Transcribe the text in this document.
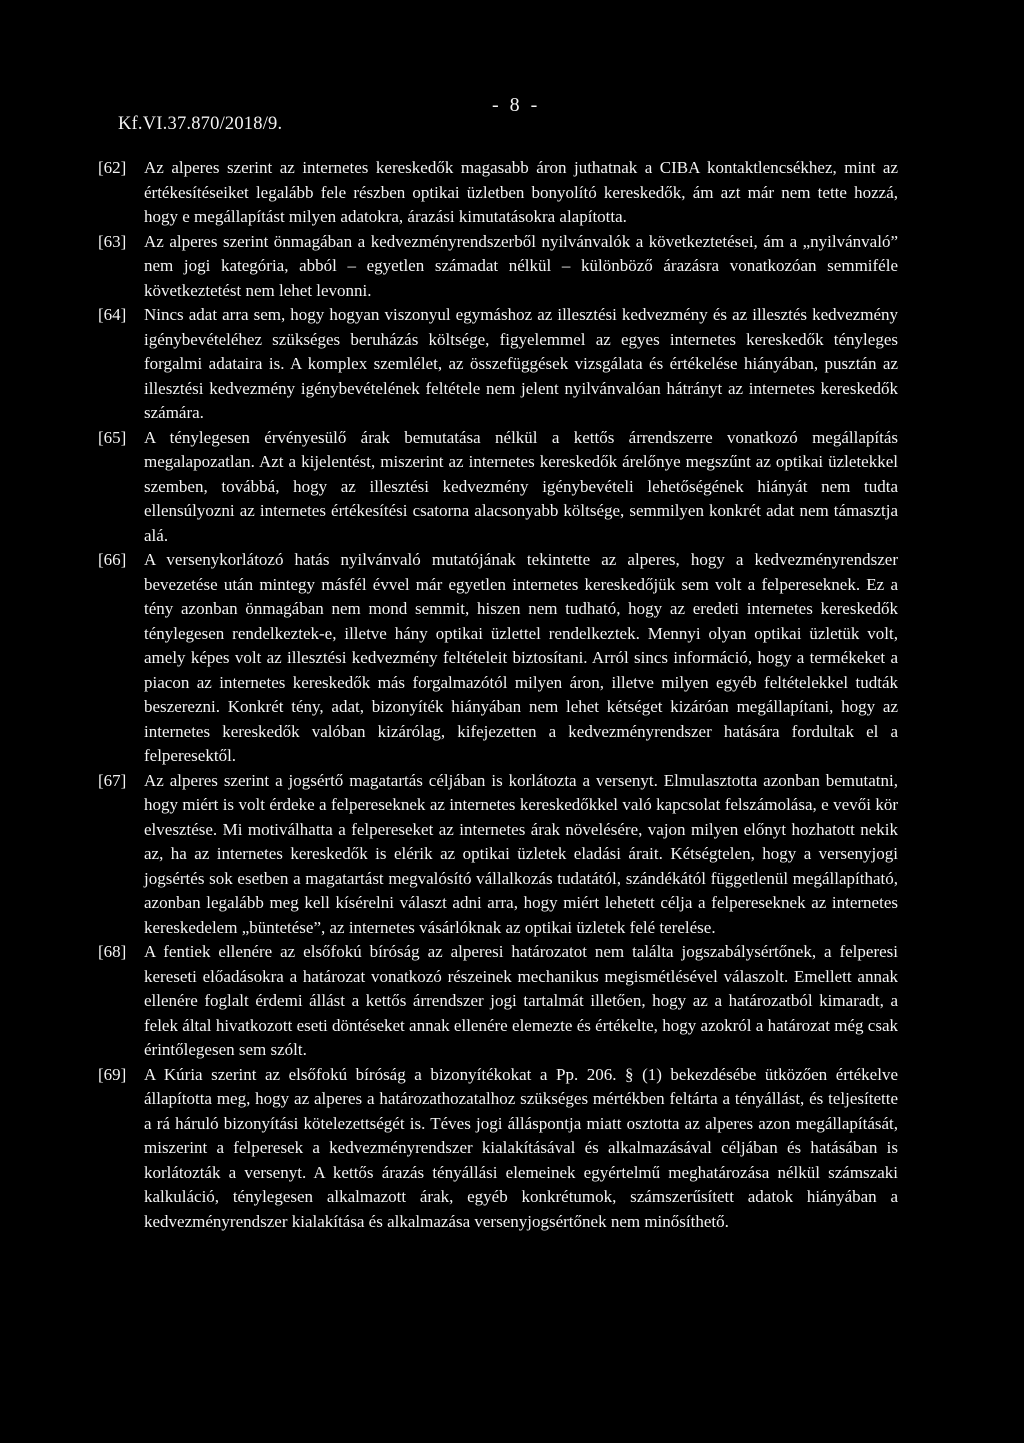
- 8 -
Kf.VI.37.870/2018/9.
[62]	Az alperes szerint az internetes kereskedők magasabb áron juthatnak a CIBA kontaktlencsékhez, mint az értékesítéseiket legalább fele részben optikai üzletben bonyolító kereskedők, ám azt már nem tette hozzá, hogy e megállapítást milyen adatokra, árazási kimutatásokra alapította.
[63]	Az alperes szerint önmagában a kedvezményrendszerből nyilvánvalók a következtetései, ám a „nyilvánvaló” nem jogi kategória, abból – egyetlen számadat nélkül – különböző árazásra vonatkozóan semmiféle következtetést nem lehet levonni.
[64]	Nincs adat arra sem, hogy hogyan viszonyul egymáshoz az illesztési kedvezmény és az illesztés kedvezmény igénybevételéhez szükséges beruházás költsége, figyelemmel az egyes internetes kereskedők tényleges forgalmi adataira is. A komplex szemlélet, az összefüggések vizsgálata és értékelése hiányában, pusztán az illesztési kedvezmény igénybevételének feltétele nem jelent nyilvánvalóan hátrányt az internetes kereskedők számára.
[65]	A ténylegesen érvényesülő árak bemutatása nélkül a kettős árrendszerre vonatkozó megállapítás megalapozatlan. Azt a kijelentést, miszerint az internetes kereskedők árelőnye megszűnt az optikai üzletekkel szemben, továbbá, hogy az illesztési kedvezmény igénybevételi lehetőségének hiányát nem tudta ellensúlyozni az internetes értékesítési csatorna alacsonyabb költsége, semmilyen konkrét adat nem támasztja alá.
[66]	A versenykorlátozó hatás nyilvánvaló mutatójának tekintette az alperes, hogy a kedvezményrendszer bevezetése után mintegy másfél évvel már egyetlen internetes kereskedőjük sem volt a felpereseknek. Ez a tény azonban önmagában nem mond semmit, hiszen nem tudható, hogy az eredeti internetes kereskedők ténylegesen rendelkeztek-e, illetve hány optikai üzlettel rendelkeztek. Mennyi olyan optikai üzletük volt, amely képes volt az illesztési kedvezmény feltételeit biztosítani. Arról sincs információ, hogy a termékeket a piacon az internetes kereskedők más forgalmazótól milyen áron, illetve milyen egyéb feltételekkel tudták beszerezni. Konkrét tény, adat, bizonyíték hiányában nem lehet kétséget kizáróan megállapítani, hogy az internetes kereskedők valóban kizárólag, kifejezetten a kedvezményrendszer hatására fordultak el a felperesektől.
[67]	Az alperes szerint a jogsértő magatartás céljában is korlátozta a versenyt. Elmulasztotta azonban bemutatni, hogy miért is volt érdeke a felpereseknek az internetes kereskedőkkel való kapcsolat felszámolása, e vevői kör elvesztése. Mi motiválhatta a felpereseket az internetes árak növelésére, vajon milyen előnyt hozhatott nekik az, ha az internetes kereskedők is elérik az optikai üzletek eladási árait. Kétségtelen, hogy a versenyjogi jogsértés sok esetben a magatartást megvalósító vállalkozás tudatától, szándékától függetlenül megállapítható, azonban legalább meg kell kísérelni választ adni arra, hogy miért lehetett célja a felpereseknek az internetes kereskedelem „büntetése”, az internetes vásárlóknak az optikai üzletek felé terelése.
[68]	A fentiek ellenére az elsőfokú bíróság az alperesi határozatot nem találta jogszabálysértőnek, a felperesi kereseti előadásokra a határozat vonatkozó részeinek mechanikus megismétlésével válaszolt. Emellett annak ellenére foglalt érdemi állást a kettős árrendszer jogi tartalmát illetően, hogy az a határozatból kimaradt, a felek által hivatkozott eseti döntéseket annak ellenére elemezte és értékelte, hogy azokról a határozat még csak érintőlegesen sem szólt.
[69]	A Kúria szerint az elsőfokú bíróság a bizonyítékokat a Pp. 206. § (1) bekezdésébe ütközően értékelve állapította meg, hogy az alperes a határozathozatalhoz szükséges mértékben feltárta a tényállást, és teljesítette a rá háruló bizonyítási kötelezettségét is. Téves jogi álláspontja miatt osztotta az alperes azon megállapítását, miszerint a felperesek a kedvezményrendszer kialakításával és alkalmazásával céljában és hatásában is korlátozták a versenyt. A kettős árazás tényállási elemeinek egyértelmű meghatározása nélkül számszaki kalkuláció, ténylegesen alkalmazott árak, egyéb konkrétumok, számszerűsített adatok hiányában a kedvezményrendszer kialakítása és alkalmazása versenyjogsértőnek nem minősíthető.
